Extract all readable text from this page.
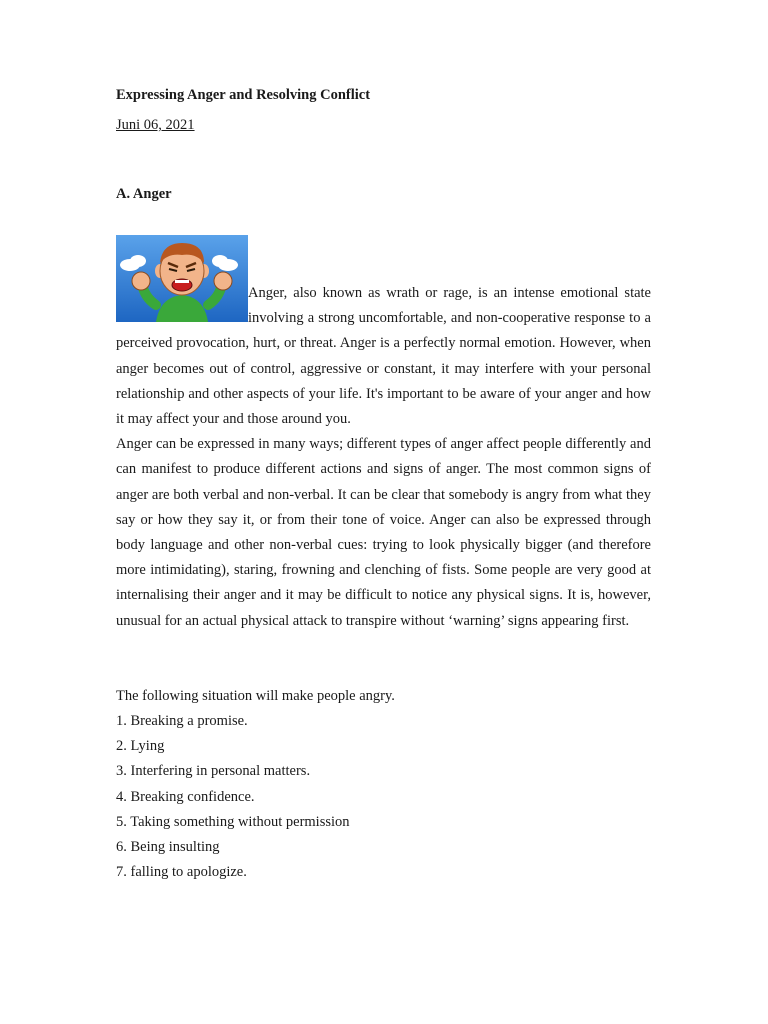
Expressing Anger and Resolving Conflict
Juni 06, 2021
A. Anger

Anger, also known as wrath or rage, is an intense emotional state involving a strong uncomfortable, and non-cooperative response to a perceived provocation, hurt, or threat. Anger is a perfectly normal emotion. However, when anger becomes out of control, aggressive or constant, it may interfere with your personal relationship and other aspects of your life. It's important to be aware of your anger and how it may affect your and those around you.

Anger can be expressed in many ways; different types of anger affect people differently and can manifest to produce different actions and signs of anger. The most common signs of anger are both verbal and non-verbal. It can be clear that somebody is angry from what they say or how they say it, or from their tone of voice. Anger can also be expressed through body language and other non-verbal cues: trying to look physically bigger (and therefore more intimidating), staring, frowning and clenching of fists. Some people are very good at internalising their anger and it may be difficult to notice any physical signs. It is, however, unusual for an actual physical attack to transpire without ‘warning’ signs appearing first.

The following situation will make people angry.

1. Breaking a promise.

2. Lying

3. Interfering in personal matters.

4. Breaking confidence.

5. Taking something without permission

6. Being insulting

7. falling to apologize.
